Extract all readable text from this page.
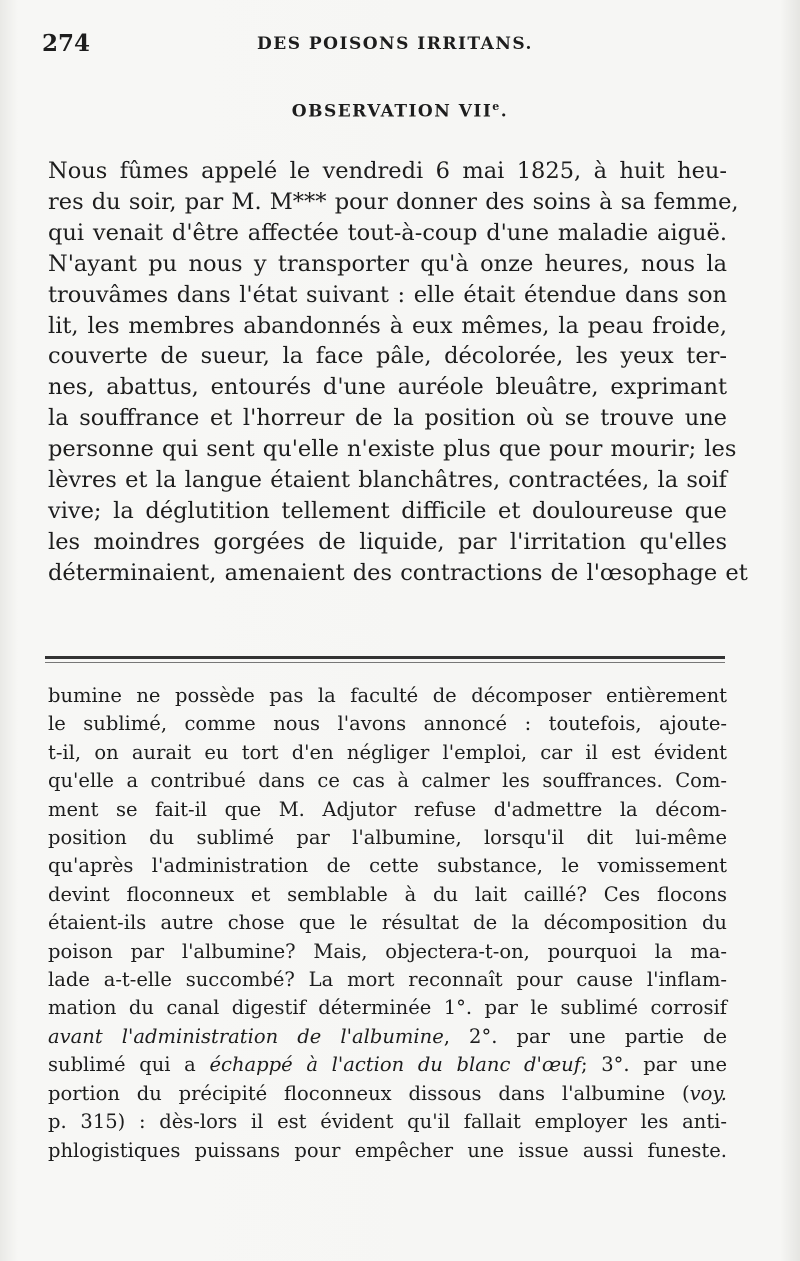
274	DES POISONS IRRITANS.
OBSERVATION VIIe.
Nous fûmes appelé le vendredi 6 mai 1825, à huit heu-
res du soir, par M. M*** pour donner des soins à sa femme,
qui venait d'être affectée tout-à-coup d'une maladie aiguë.
N'ayant pu nous y transporter qu'à onze heures, nous la
trouvâmes dans l'état suivant : elle était étendue dans son
lit, les membres abandonnés à eux mêmes, la peau froide,
couverte de sueur, la face pâle, décolorée, les yeux ter-
nes, abattus, entourés d'une auréole bleuâtre, exprimant
la souffrance et l'horreur de la position où se trouve une
personne qui sent qu'elle n'existe plus que pour mourir; les
lèvres et la langue étaient blanchâtres, contractées, la soif
vive; la déglutition tellement difficile et douloureuse que
les moindres gorgées de liquide, par l'irritation qu'elles
déterminaient, amenaient des contractions de l'œsophage et
bumine ne possède pas la faculté de décomposer entièrement
le sublimé, comme nous l'avons annoncé : toutefois, ajoute-
t-il, on aurait eu tort d'en négliger l'emploi, car il est évident
qu'elle a contribué dans ce cas à calmer les souffrances. Com-
ment se fait-il que M. Adjutor refuse d'admettre la décom-
position du sublimé par l'albumine, lorsqu'il dit lui-même
qu'après l'administration de cette substance, le vomissement
devint floconneux et semblable à du lait caillé? Ces flocons
étaient-ils autre chose que le résultat de la décomposition du
poison par l'albumine? Mais, objectera-t-on, pourquoi la ma-
lade a-t-elle succombé? La mort reconnaît pour cause l'inflam-
mation du canal digestif déterminée 1°. par le sublimé corrosif
avant l'administration de l'albumine, 2°. par une partie de
sublimé qui a échappé à l'action du blanc d'œuf; 3°. par une
portion du précipité floconneux dissous dans l'albumine (voy.
p. 315) : dès-lors il est évident qu'il fallait employer les anti-
phlogistiques puissans pour empêcher une issue aussi funeste.
